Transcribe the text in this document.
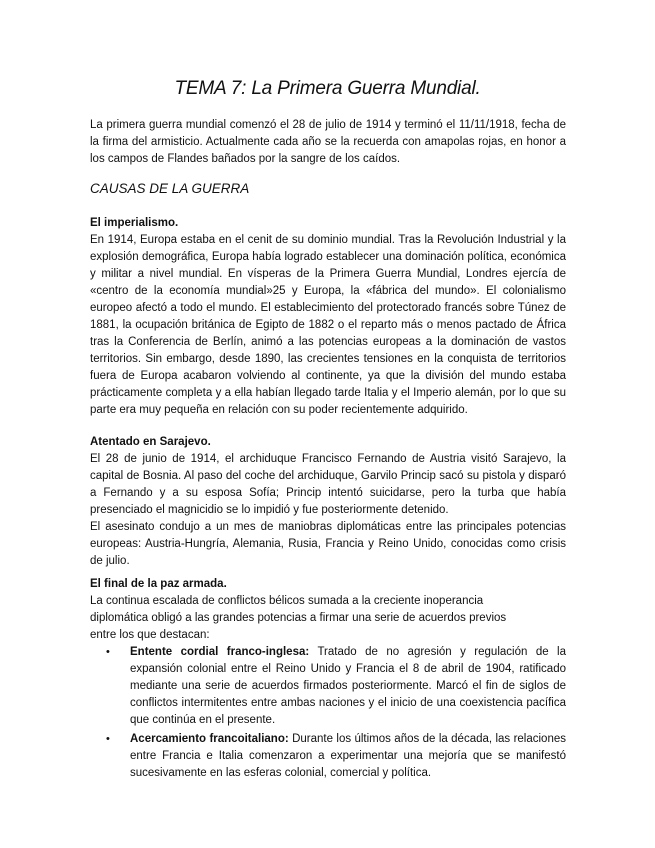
TEMA 7: La Primera Guerra Mundial.

La primera guerra mundial comenzó el 28 de julio de 1914 y terminó el 11/11/1918, fecha de la firma del armisticio. Actualmente cada año se la recuerda con amapolas rojas, en honor a los campos de Flandes bañados por la sangre de los caídos.

CAUSAS DE LA GUERRA
El imperialismo.

En 1914, Europa estaba en el cenit de su dominio mundial. Tras la Revolución Industrial y la explosión demográfica, Europa había logrado establecer una dominación política, económica y militar a nivel mundial. En vísperas de la Primera Guerra Mundial, Londres ejercía de «centro de la economía mundial»25 y Europa, la «fábrica del mundo». El colonialismo europeo afectó a todo el mundo. El establecimiento del protectorado francés sobre Túnez de 1881, la ocupación británica de Egipto de 1882 o el reparto más o menos pactado de África tras la Conferencia de Berlín, animó a las potencias europeas a la dominación de vastos territorios. Sin embargo, desde 1890, las crecientes tensiones en la conquista de territorios fuera de Europa acabaron volviendo al continente, ya que la división del mundo estaba prácticamente completa y a ella habían llegado tarde Italia y el Imperio alemán, por lo que su parte era muy pequeña en relación con su poder recientemente adquirido.

Atentado en Sarajevo.

El 28 de junio de 1914, el archiduque Francisco Fernando de Austria visitó Sarajevo, la capital de Bosnia. Al paso del coche del archiduque, Garvilo Princip sacó su pistola y disparó a Fernando y a su esposa Sofía; Princip intentó suicidarse, pero la turba que había presenciado el magnicidio se lo impidió y fue posteriormente detenido.

El asesinato condujo a un mes de maniobras diplomáticas entre las principales potencias europeas: Austria-Hungría, Alemania, Rusia, Francia y Reino Unido, conocidas como crisis de julio.

El final de la paz armada.

La continua escalada de conflictos bélicos sumada a la creciente inoperancia diplomática obligó a las grandes potencias a firmar una serie de acuerdos previos entre los que destacan:

• Entente cordial franco-inglesa: Tratado de no agresión y regulación de la expansión colonial entre el Reino Unido y Francia el 8 de abril de 1904, ratificado mediante una serie de acuerdos firmados posteriormente. Marcó el fin de siglos de conflictos intermitentes entre ambas naciones y el inicio de una coexistencia pacífica que continúa en el presente.
• Acercamiento francoitaliano: Durante los últimos años de la década, las relaciones entre Francia e Italia comenzaron a experimentar una mejoría que se manifestó sucesivamente en las esferas colonial, comercial y política.
